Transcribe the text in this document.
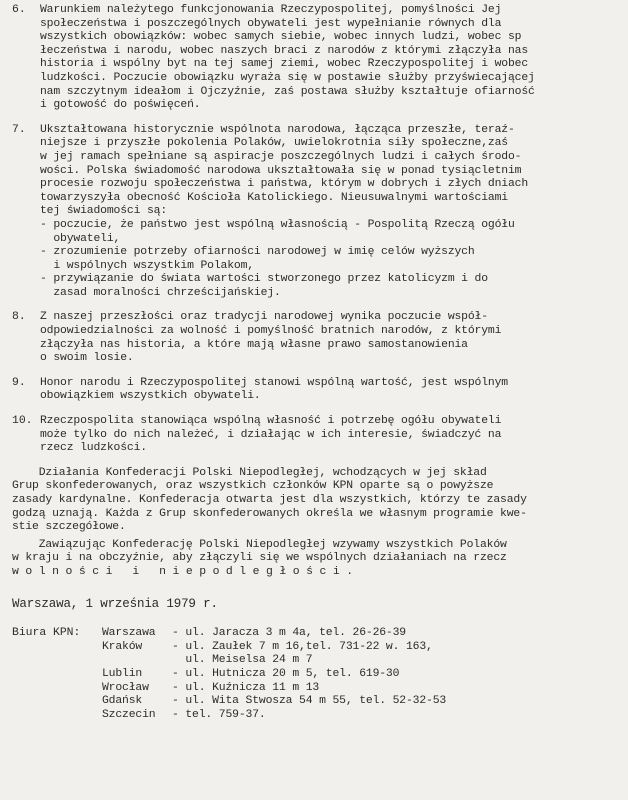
6.	Warunkiem należytego funkcjonowania Rzeczypospolitej, pomyślności Jej
społeczeństwa i poszczególnych obywateli jest wypełnianie równych dla
wszystkich obowiązków: wobec samych siebie, wobec innych ludzi, wobec sp
łeczeństwa i narodu, wobec naszych braci z narodów z którymi złączyła nas
historia i wspólny byt na tej samej ziemi, wobec Rzeczypospolitej i wobec
ludzkości. Poczucie obowiązku wyraża się w postawie służby przyświecającej
nam szczytnym ideałom i Ojczyźnie, zaś postawa służby kształtuje ofiarność
i gotowość do poświęceń.
7.	Ukształtowana historycznie wspólnota narodowa, łącząca przeszłe, teraź-
niejsze i przyszłe pokolenia Polaków, uwielokrotnia siły społeczne,zaś
w jej ramach spełniane są aspiracje poszczególnych ludzi i całych środo-
wości. Polska świadomość narodowa ukształtowała się w ponad tysiącletnim
procesie rozwoju społeczeństwa i państwa, którym w dobrych i złych dniach
towarzyszyła obecność Kościoła Katolickiego. Nieusuwalnymi wartościami
tej świadomości są:
- poczucie, że państwo jest wspólną własnością - Pospolitą Rzeczą ogółu
obywateli,
- zrozumienie potrzeby ofiarności narodowej w imię celów wyższych
i wspólnych wszystkim Polakom,
- przywiązanie do świata wartości stworzonego przez katolicyzm i do
zasad moralności chrześcijańskiej.
8.	Z naszej przeszłości oraz tradycji narodowej wynika poczucie współ-
odpowiedzialności za wolność i pomyślność bratnich narodów, z którymi
złączyła nas historia, a które mają własne prawo samostanowienia
o swoim losie.
9.	Honor narodu i Rzeczypospolitej stanowi wspólną wartość, jest wspólnym
obowiązkiem wszystkich obywateli.
10. Rzeczpospolita stanowiąca wspólną własność i potrzebę ogółu obywateli
może tylko do nich należeć, i działając w ich interesie, świadczyć na
rzecz ludzkości.
Działania Konfederacji Polski Niepodległej, wchodzących w jej skład
Grup skonfederowanych, oraz wszystkich członków KPN oparte są o powyższe
zasady kardynalne. Konfederacja otwarta jest dla wszystkich, którzy te zasady
godzą uznają. Każda z Grup skonfederowanych określa we własnym programie kwe-
stie szczegółowe.
Zawiązując Konfederację Polski Niepodległej wzywamy wszystkich Polaków
w kraju i na obczyźnie, aby złączyli się we wspólnych działaniach na rzecz
w o l n o ś c i   i   n i e p o d l e g ł o ś c i .
Warszawa, 1 września 1979 r.
Biura KPN:	Warszawa	- ul. Jaracza 3 m 4a, tel. 26-26-39
Kraków	- ul. Zaułek 7 m 16,tel. 731-22 w. 163,
ul. Meiselsa 24 m 7
Lublin	- ul. Hutnicza 20 m 5, tel. 619-30
Wrocław	- ul. Kuźnicza 11 m 13
Gdańsk	- ul. Wita Stwosza 54 m 55, tel. 52-32-53
Szczecin	- tel. 759-37.
